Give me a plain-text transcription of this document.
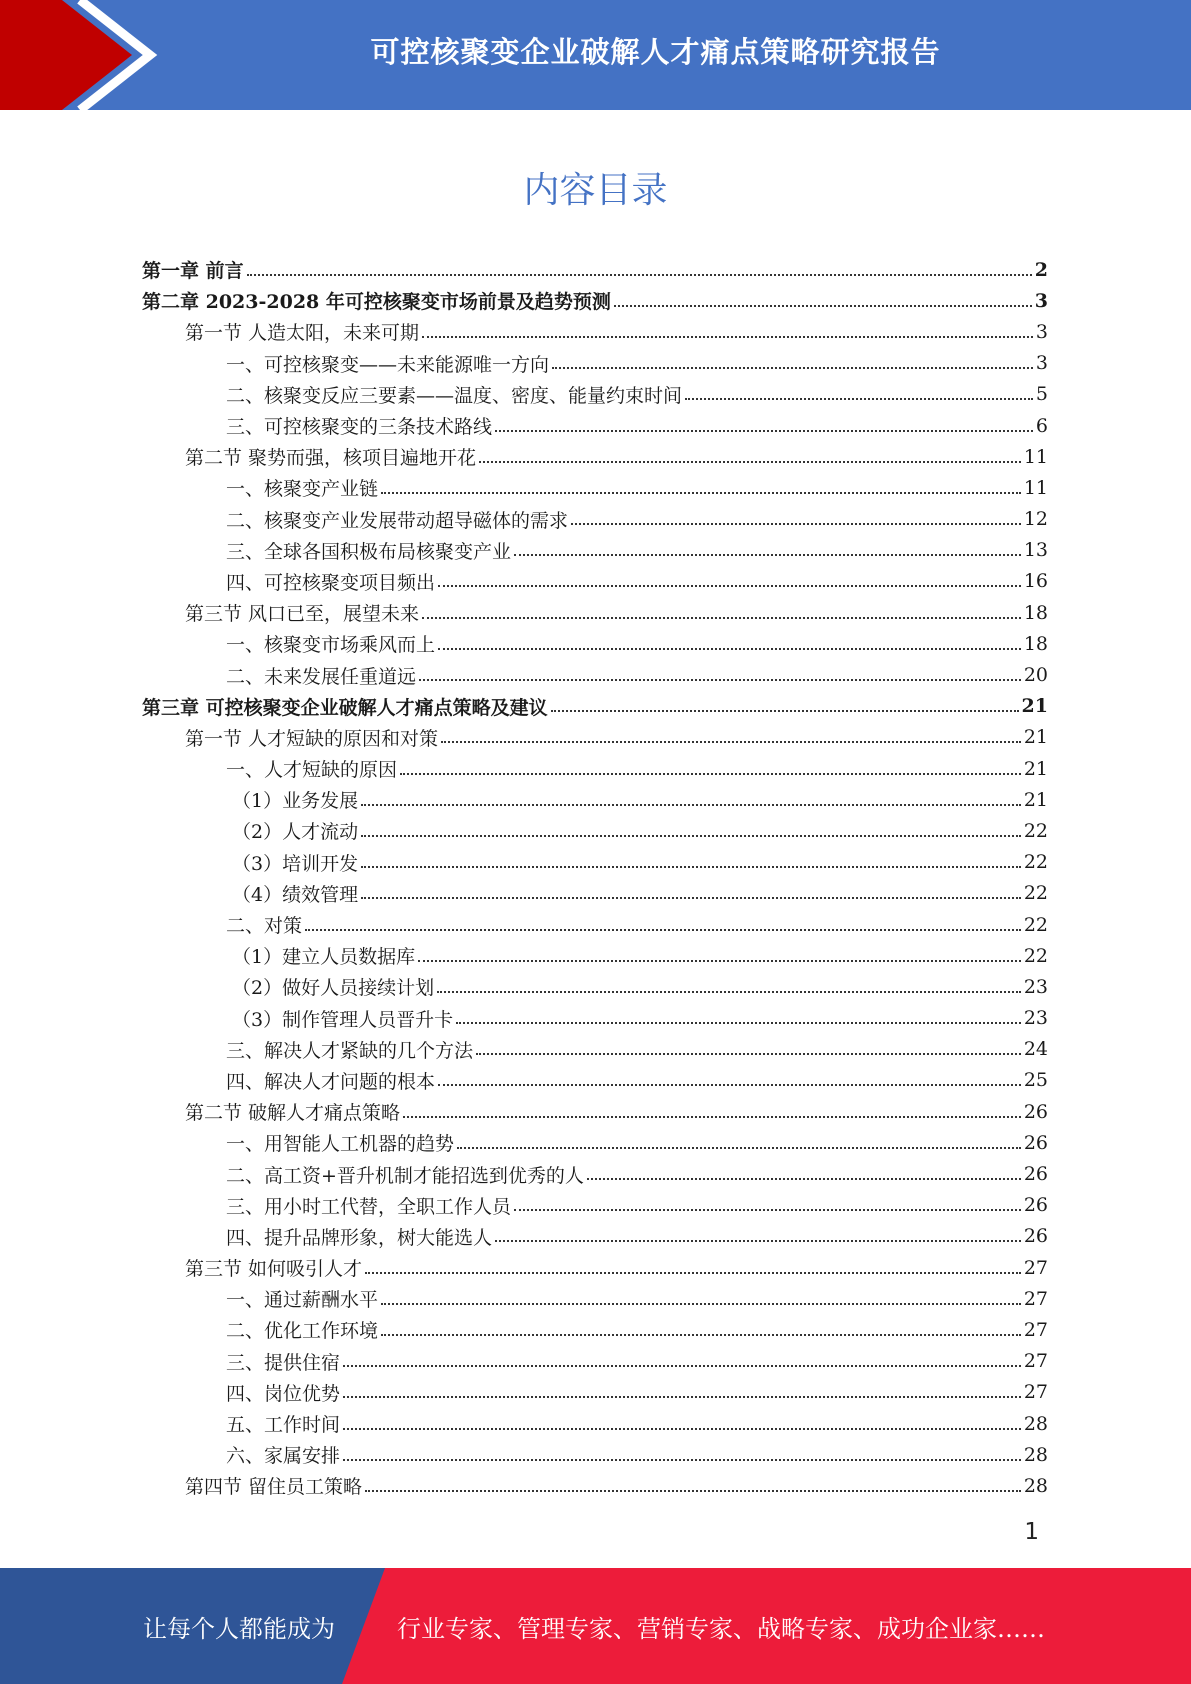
可控核聚变企业破解人才痛点策略研究报告
内容目录
第一章 前言	2
第二章 2023-2028 年可控核聚变市场前景及趋势预测	3
第一节 人造太阳，未来可期	3
一、可控核聚变——未来能源唯一方向	3
二、核聚变反应三要素——温度、密度、能量约束时间	5
三、可控核聚变的三条技术路线	6
第二节 聚势而强，核项目遍地开花	11
一、核聚变产业链	11
二、核聚变产业发展带动超导磁体的需求	12
三、全球各国积极布局核聚变产业	13
四、可控核聚变项目频出	16
第三节 风口已至，展望未来	18
一、核聚变市场乘风而上	18
二、未来发展任重道远	20
第三章 可控核聚变企业破解人才痛点策略及建议	21
第一节 人才短缺的原因和对策	21
一、人才短缺的原因	21
（1）业务发展	21
（2）人才流动	22
（3）培训开发	22
（4）绩效管理	22
二、对策	22
（1）建立人员数据库	22
（2）做好人员接续计划	23
（3）制作管理人员晋升卡	23
三、解决人才紧缺的几个方法	24
四、解决人才问题的根本	25
第二节 破解人才痛点策略	26
一、用智能人工机器的趋势	26
二、高工资+晋升机制才能招选到优秀的人	26
三、用小时工代替，全职工作人员	26
四、提升品牌形象，树大能选人	26
第三节 如何吸引人才	27
一、通过薪酬水平	27
二、优化工作环境	27
三、提供住宿	27
四、岗位优势	27
五、工作时间	28
六、家属安排	28
第四节 留住员工策略	28
1
让每个人都能成为	行业专家、管理专家、营销专家、战略专家、成功企业家……
